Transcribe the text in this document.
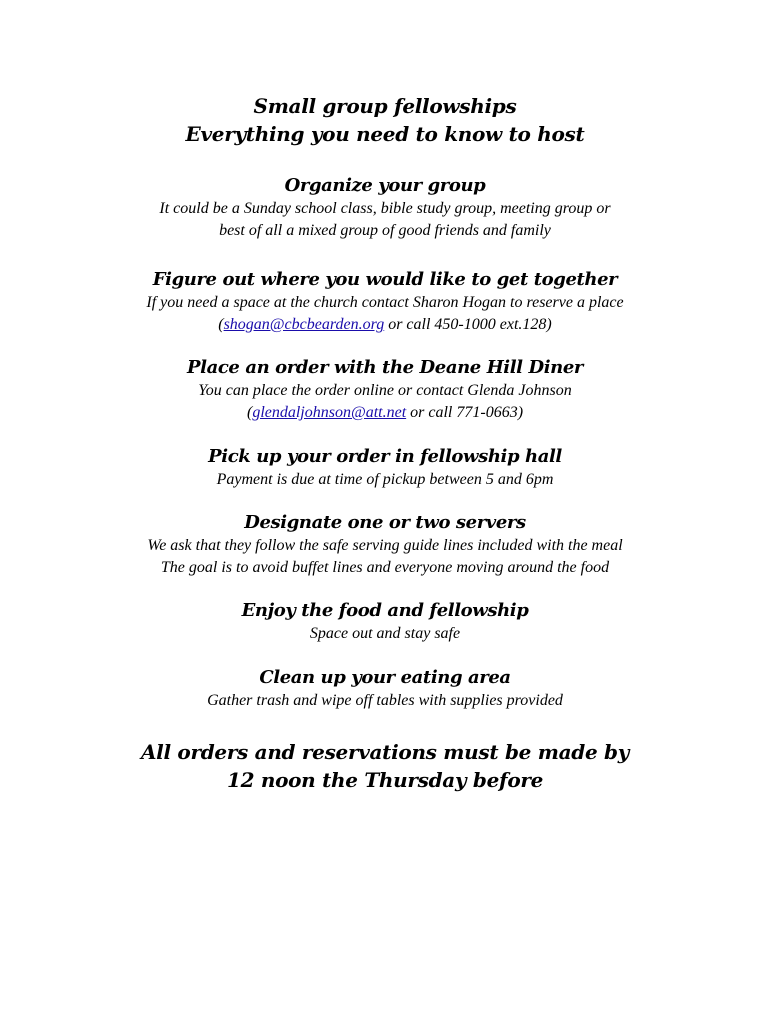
Small group fellowships
Everything you need to know to host
Organize your group
It could be a Sunday school class, bible study group, meeting group or
best of all a mixed group of good friends and family
Figure out where you would like to get together
If you need a space at the church contact Sharon Hogan to reserve a place
(shogan@cbcbearden.org or call 450-1000 ext.128)
Place an order with the Deane Hill Diner
You can place the order online or contact Glenda Johnson
(glendaljohnson@att.net or call 771-0663)
Pick up your order in fellowship hall
Payment is due at time of pickup between 5 and 6pm
Designate one or two servers
We ask that they follow the safe serving guide lines included with the meal
The goal is to avoid buffet lines and everyone moving around the food
Enjoy the food and fellowship
Space out and stay safe
Clean up your eating area
Gather trash and wipe off tables with supplies provided
All orders and reservations must be made by
12 noon the Thursday before
